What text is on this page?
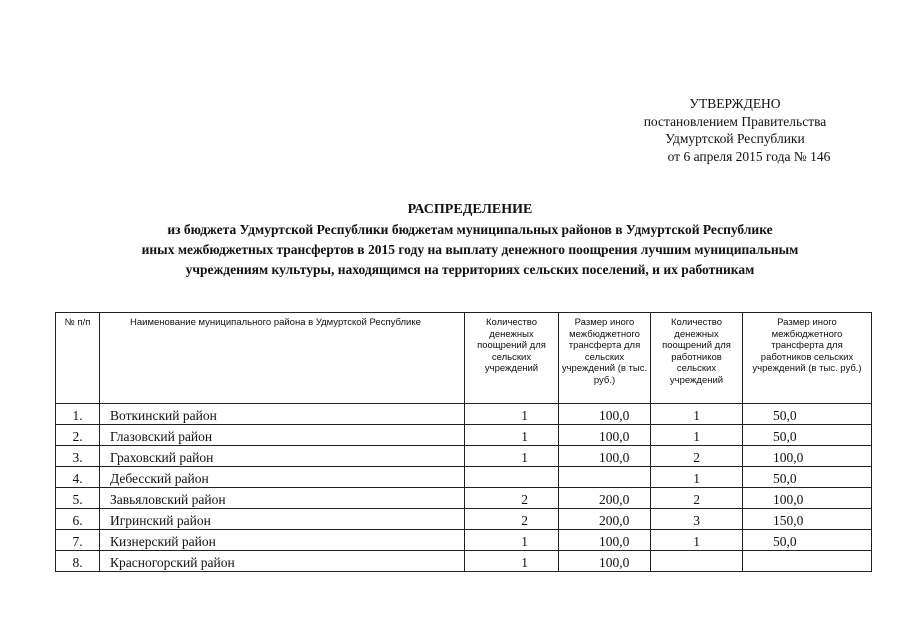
УТВЕРЖДЕНО
постановлением Правительства
Удмуртской Республики
от 6 апреля 2015 года № 146
РАСПРЕДЕЛЕНИЕ
из бюджета Удмуртской Республики бюджетам муниципальных районов в Удмуртской Республике
иных межбюджетных трансфертов в 2015 году на выплату денежного поощрения лучшим муниципальным
учреждениям культуры, находящимся на территориях сельских поселений, и их работникам
№ п/п	Наименование муниципального района в Удмуртской Республике	Количество денежных поощрений для сельских учреждений	Размер иного межбюджетного трансферта для сельских учреждений (в тыс. руб.)	Количество денежных поощрений для работников сельских учреждений	Размер иного межбюджетного трансферта для работников сельских учреждений (в тыс. руб.)
1.	Воткинский район	1	100,0	1	50,0
2.	Глазовский район	1	100,0	1	50,0
3.	Граховский район	1	100,0	2	100,0
4.	Дебесский район			1	50,0
5.	Завьяловский район	2	200,0	2	100,0
6.	Игринский район	2	200,0	3	150,0
7.	Кизнерский район	1	100,0	1	50,0
8.	Красногорский район	1	100,0		
